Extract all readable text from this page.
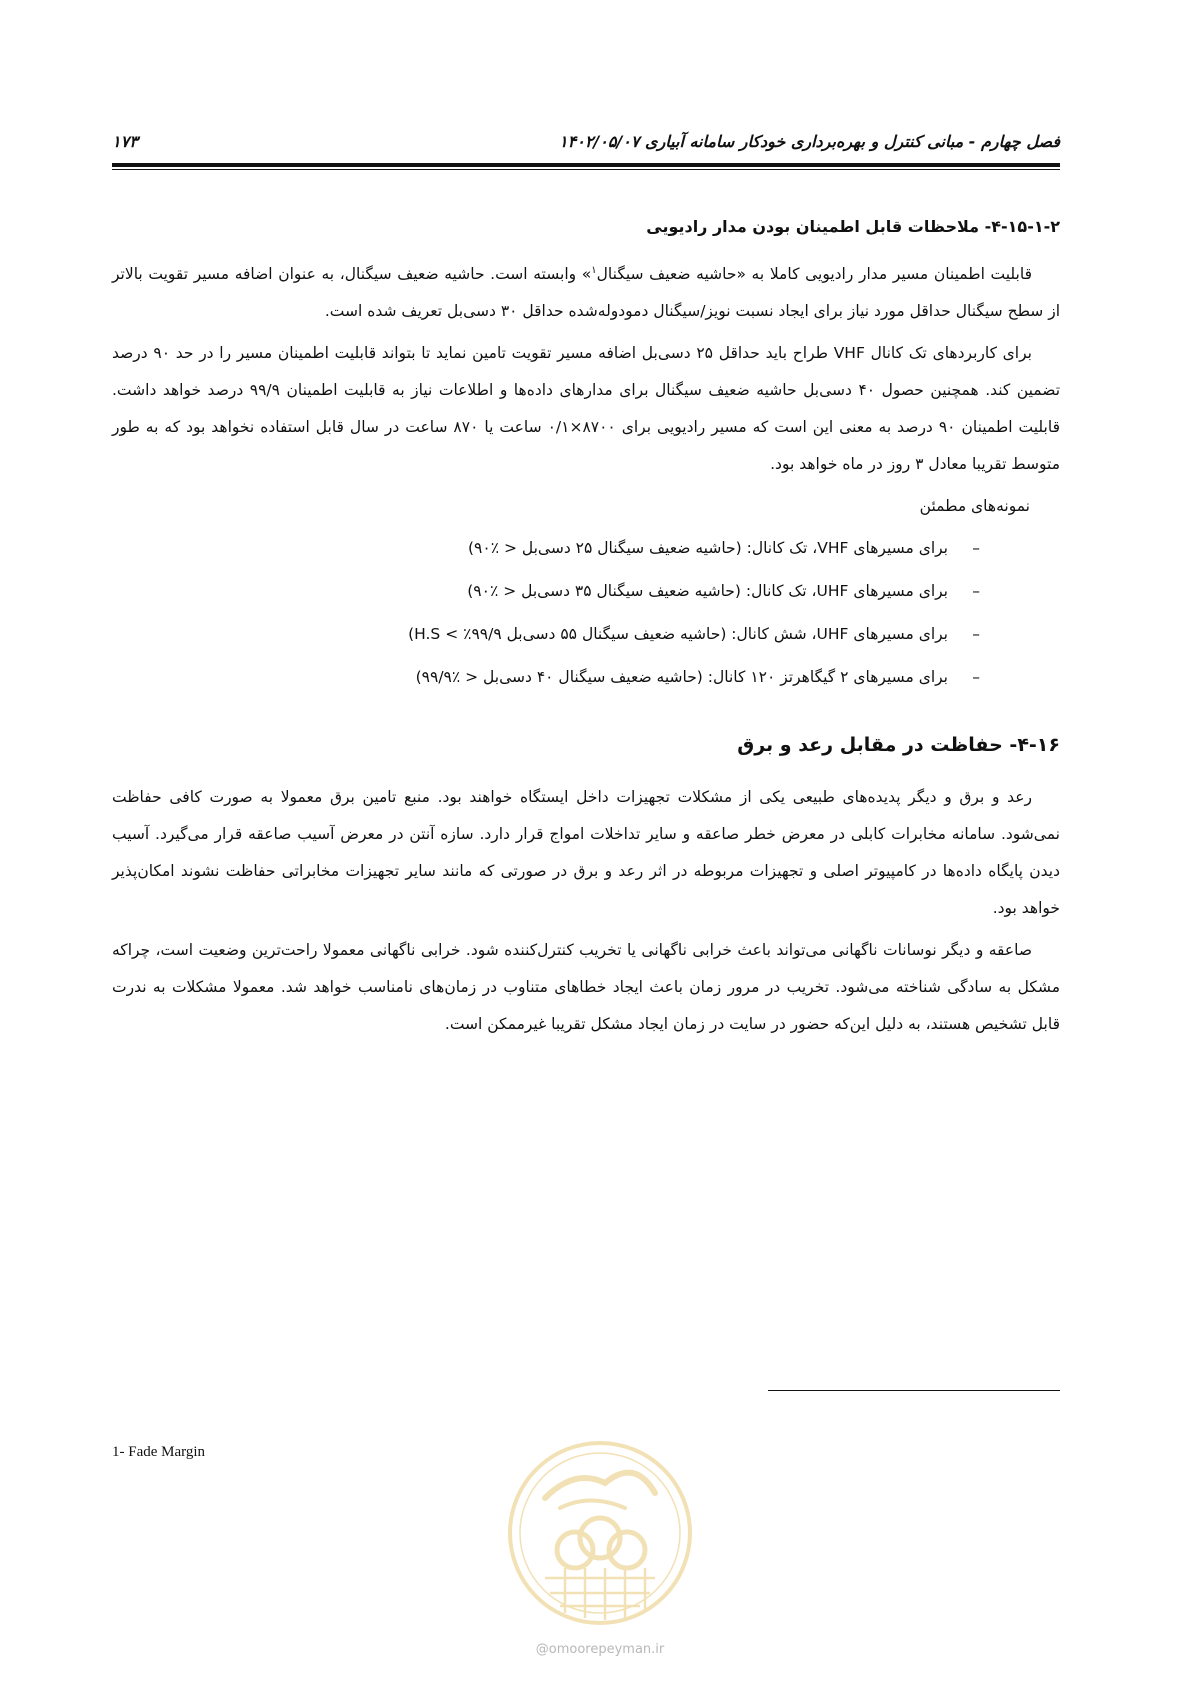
فصل چهارم - مبانی کنترل و بهره‌برداری خودکار سامانه آبیاری ۱۴۰۲/۰۵/۰۷
۱۷۳
۴-۱۵-۱-۲- ملاحظات قابل اطمینان بودن مدار رادیویی

قابلیت اطمینان مسیر مدار رادیویی کاملا به «حاشیه ضعیف سیگنال$^۱$» وابسته است. حاشیه ضعیف سیگنال، به عنوان اضافه مسیر تقویت بالاتر از سطح سیگنال حداقل مورد نیاز برای ایجاد نسبت نویز/سیگنال دمودوله‌شده حداقل ۳۰ دسی‌بل تعریف شده است.

برای کاربردهای تک کانال VHF طراح باید حداقل ۲۵ دسی‌بل اضافه مسیر تقویت تامین نماید تا بتواند قابلیت اطمینان مسیر را در حد ۹۰ درصد تضمین کند. همچنین حصول ۴۰ دسی‌بل حاشیه ضعیف سیگنال برای مدارهای داده‌ها و اطلاعات نیاز به قابلیت اطمینان ۹۹/۹ درصد خواهد داشت. قابلیت اطمینان ۹۰ درصد به معنی این است که مسیر رادیویی برای ۸۷۰۰×۰/۱ ساعت یا ۸۷۰ ساعت در سال قابل استفاده نخواهد بود که به طور متوسط تقریبا معادل ۳ روز در ماه خواهد بود.

نمونه‌های مطمئن
–برای مسیرهای VHF، تک کانال: (حاشیه ضعیف سیگنال ۲۵ دسی‌بل < ٪۹۰)
–برای مسیرهای UHF، تک کانال: (حاشیه ضعیف سیگنال ۳۵ دسی‌بل < ٪۹۰)
–برای مسیرهای UHF، شش کانال: (حاشیه ضعیف سیگنال ۵۵ دسی‌بل H.S < ٪۹۹/۹)
–برای مسیرهای ۲ گیگاهرتز ۱۲۰ کانال: (حاشیه ضعیف سیگنال ۴۰ دسی‌بل < ٪۹۹/۹)
۴-۱۶- حفاظت در مقابل رعد و برق

رعد و برق و دیگر پدیده‌های طبیعی یکی از مشکلات تجهیزات داخل ایستگاه خواهند بود. منبع تامین برق معمولا به صورت کافی حفاظت نمی‌شود. سامانه مخابرات کابلی در معرض خطر صاعقه و سایر تداخلات امواج قرار دارد. سازه آنتن در معرض آسیب صاعقه قرار می‌گیرد. آسیب دیدن پایگاه داده‌ها در کامپیوتر اصلی و تجهیزات مربوطه در اثر رعد و برق در صورتی که مانند سایر تجهیزات مخابراتی حفاظت نشوند امکان‌پذیر خواهد بود.

صاعقه و دیگر نوسانات ناگهانی می‌تواند باعث خرابی ناگهانی یا تخریب کنترل‌کننده شود. خرابی ناگهانی معمولا راحت‌ترین وضعیت است، چراکه مشکل به سادگی شناخته می‌شود. تخریب در مرور زمان باعث ایجاد خطاهای متناوب در زمان‌های نامناسب خواهد شد. معمولا مشکلات به ندرت قابل تشخیص هستند، به دلیل این‌که حضور در سایت در زمان ایجاد مشکل تقریبا غیرممکن است.

1- Fade Margin
@omoorepeyman.ir
